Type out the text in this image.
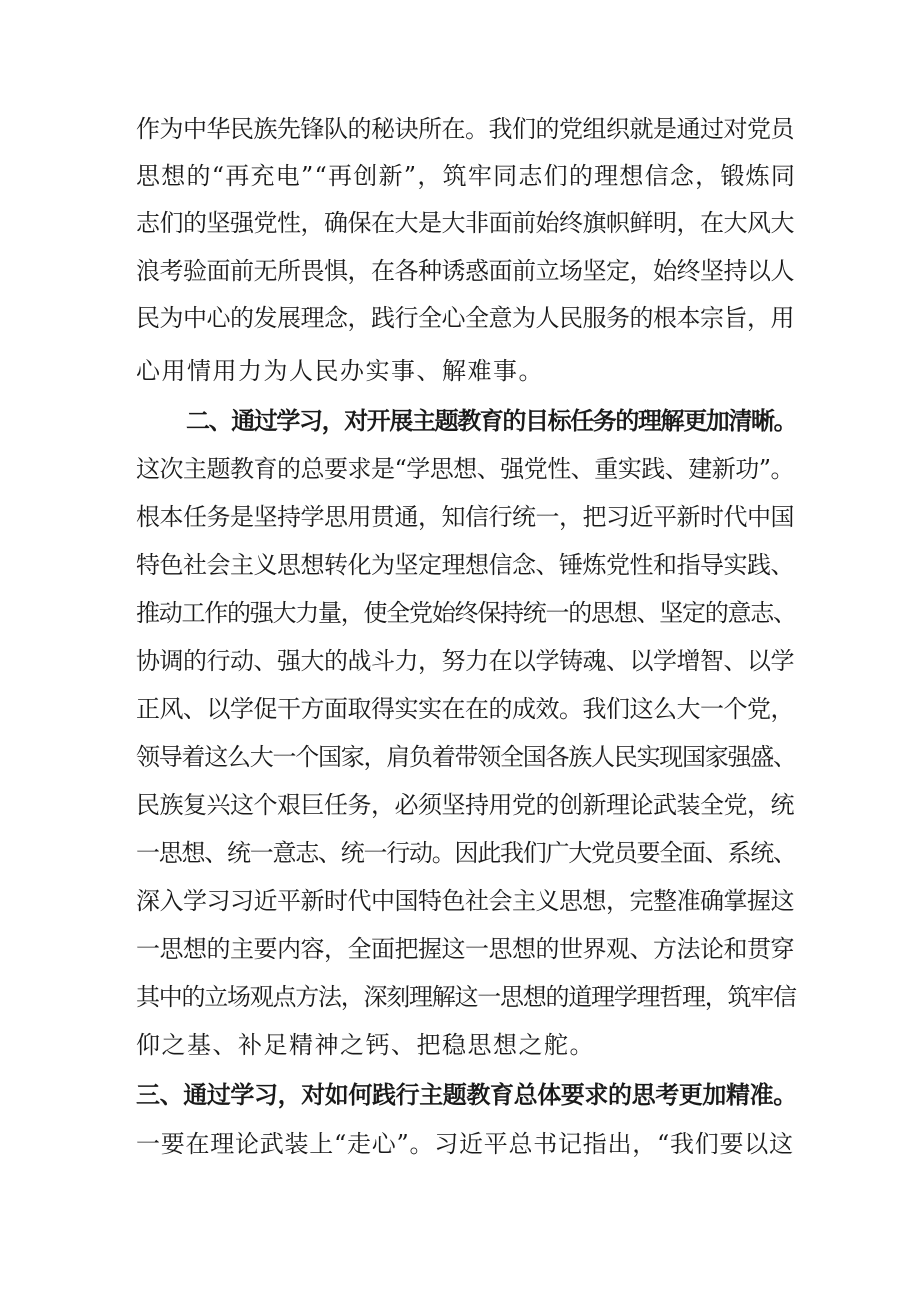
作为中华民族先锋队的秘诀所在。我们的党组织就是通过对党员
思想的“再充电”“再创新”，筑牢同志们的理想信念，锻炼同
志们的坚强党性，确保在大是大非面前始终旗帜鲜明，在大风大
浪考验面前无所畏惧，在各种诱惑面前立场坚定，始终坚持以人
民为中心的发展理念，践行全心全意为人民服务的根本宗旨，用
心用情用力为人民办实事、解难事。
二、通过学习，对开展主题教育的目标任务的理解更加清晰。
这次主题教育的总要求是“学思想、强党性、重实践、建新功”。
根本任务是坚持学思用贯通，知信行统一，把习近平新时代中国
特色社会主义思想转化为坚定理想信念、锤炼党性和指导实践、
推动工作的强大力量，使全党始终保持统一的思想、坚定的意志、
协调的行动、强大的战斗力，努力在以学铸魂、以学增智、以学
正风、以学促干方面取得实实在在的成效。我们这么大一个党，
领导着这么大一个国家，肩负着带领全国各族人民实现国家强盛、
民族复兴这个艰巨任务，必须坚持用党的创新理论武装全党，统
一思想、统一意志、统一行动。因此我们广大党员要全面、系统、
深入学习习近平新时代中国特色社会主义思想，完整准确掌握这
一思想的主要内容，全面把握这一思想的世界观、方法论和贯穿
其中的立场观点方法，深刻理解这一思想的道理学理哲理，筑牢信
仰之基、补足精神之钙、把稳思想之舵。
三、通过学习，对如何践行主题教育总体要求的思考更加精准。
一要在理论武装上“走心”。习近平总书记指出，“我们要以这
